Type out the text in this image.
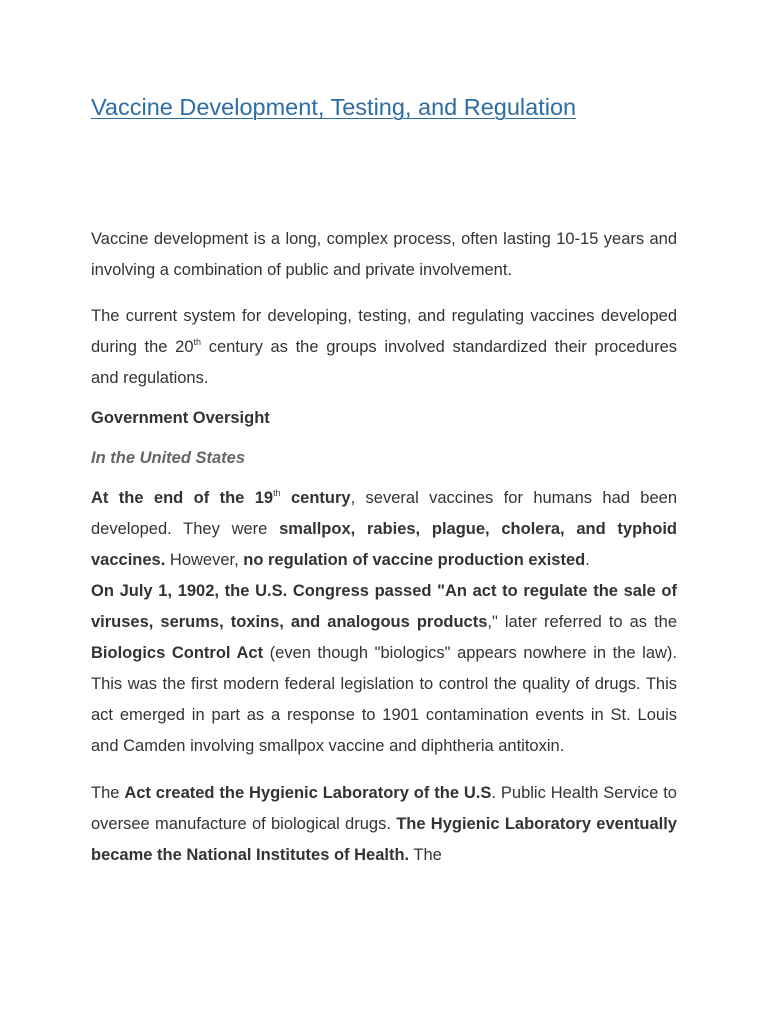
Vaccine Development, Testing, and Regulation

Vaccine development is a long, complex process, often lasting 10-15 years and involving a combination of public and private involvement.

The current system for developing, testing, and regulating vaccines developed during the 20th century as the groups involved standardized their procedures and regulations.

Government Oversight

In the United States

At the end of the 19th century, several vaccines for humans had been developed. They were smallpox, rabies, plague, cholera, and typhoid vaccines. However, no regulation of vaccine production existed.

On July 1, 1902, the U.S. Congress passed "An act to regulate the sale of viruses, serums, toxins, and analogous products," later referred to as the Biologics Control Act (even though "biologics" appears nowhere in the law). This was the first modern federal legislation to control the quality of drugs. This act emerged in part as a response to 1901 contamination events in St. Louis and Camden involving smallpox vaccine and diphtheria antitoxin.

The Act created the Hygienic Laboratory of the U.S. Public Health Service to oversee manufacture of biological drugs. The Hygienic Laboratory eventually became the National Institutes of Health. The
